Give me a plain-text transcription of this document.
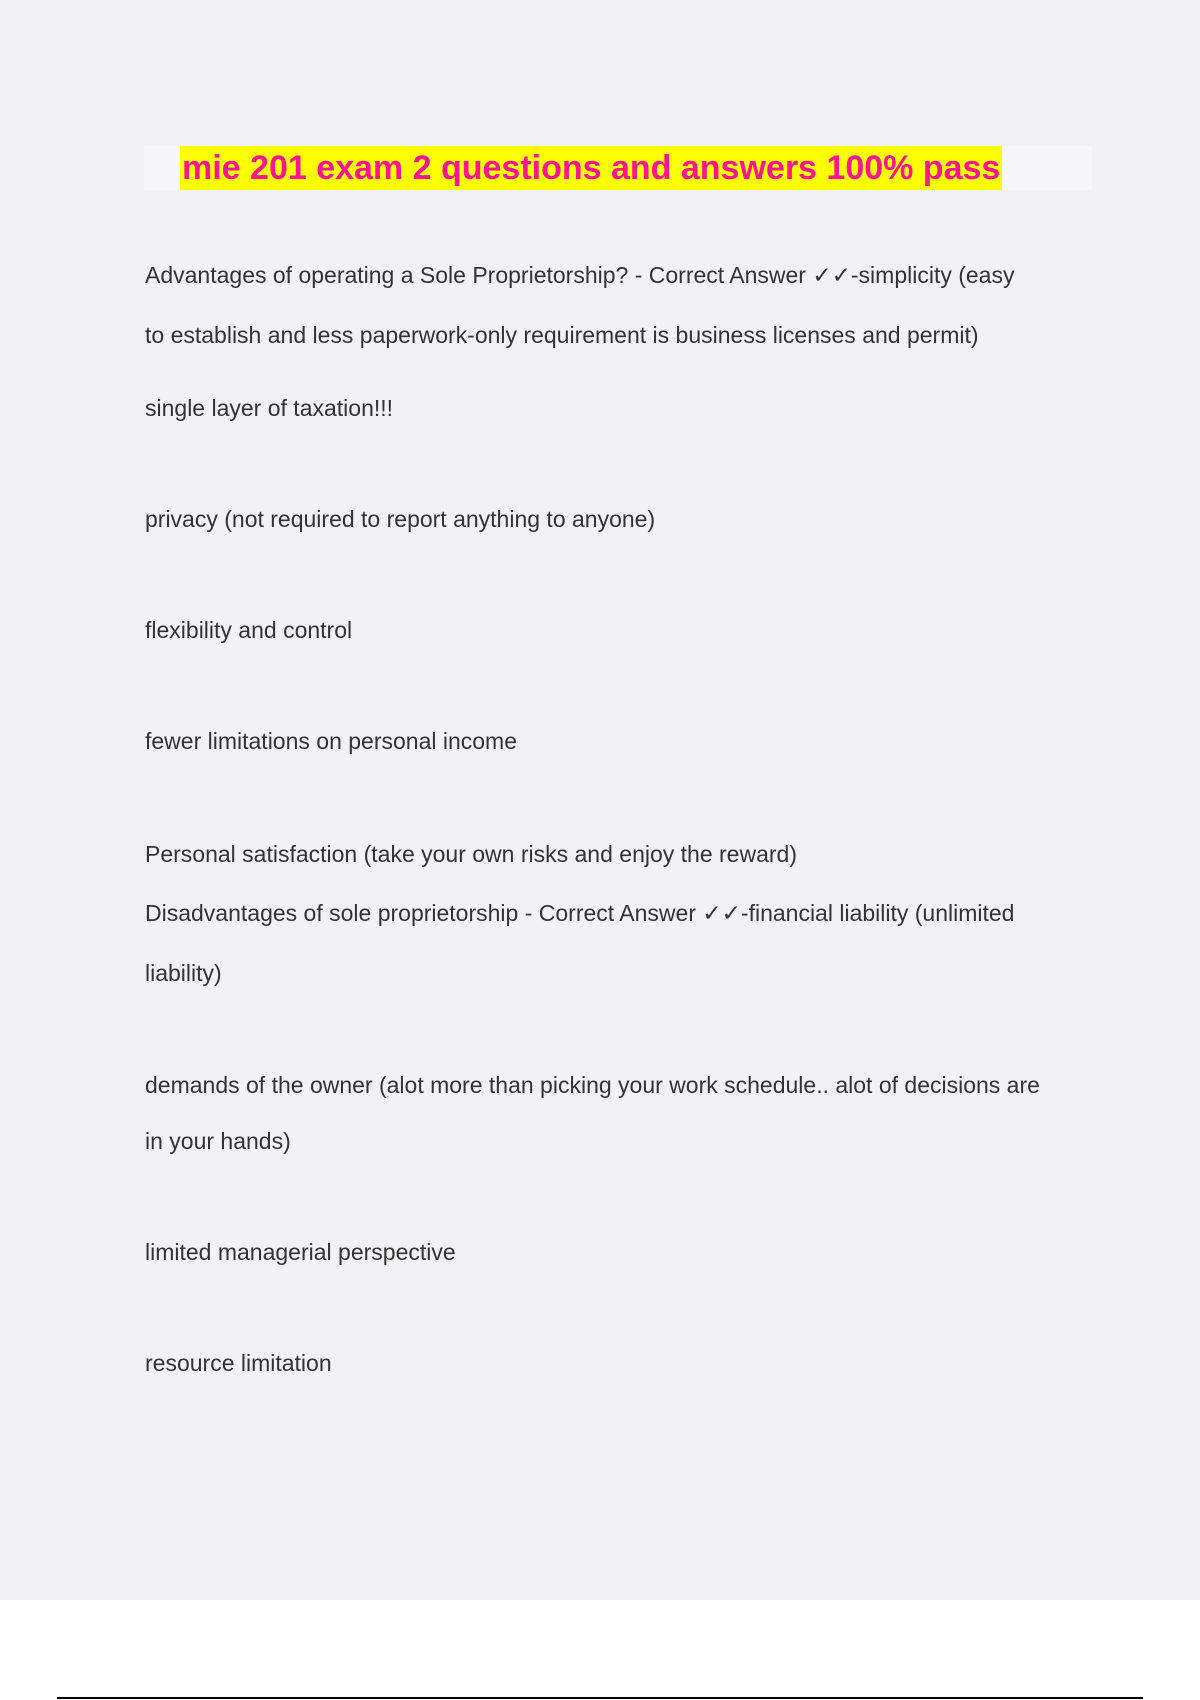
mie 201 exam 2 questions and answers 100% pass
Advantages of operating a Sole Proprietorship? - Correct Answer ✓✓-simplicity (easy
to establish and less paperwork-only requirement is business licenses and permit)
single layer of taxation!!!
privacy (not required to report anything to anyone)
flexibility and control
fewer limitations on personal income
Personal satisfaction (take your own risks and enjoy the reward)
Disadvantages of sole proprietorship - Correct Answer ✓✓-financial liability (unlimited
liability)
demands of the owner (alot more than picking your work schedule.. alot of decisions are
in your hands)
limited managerial perspective
resource limitation
